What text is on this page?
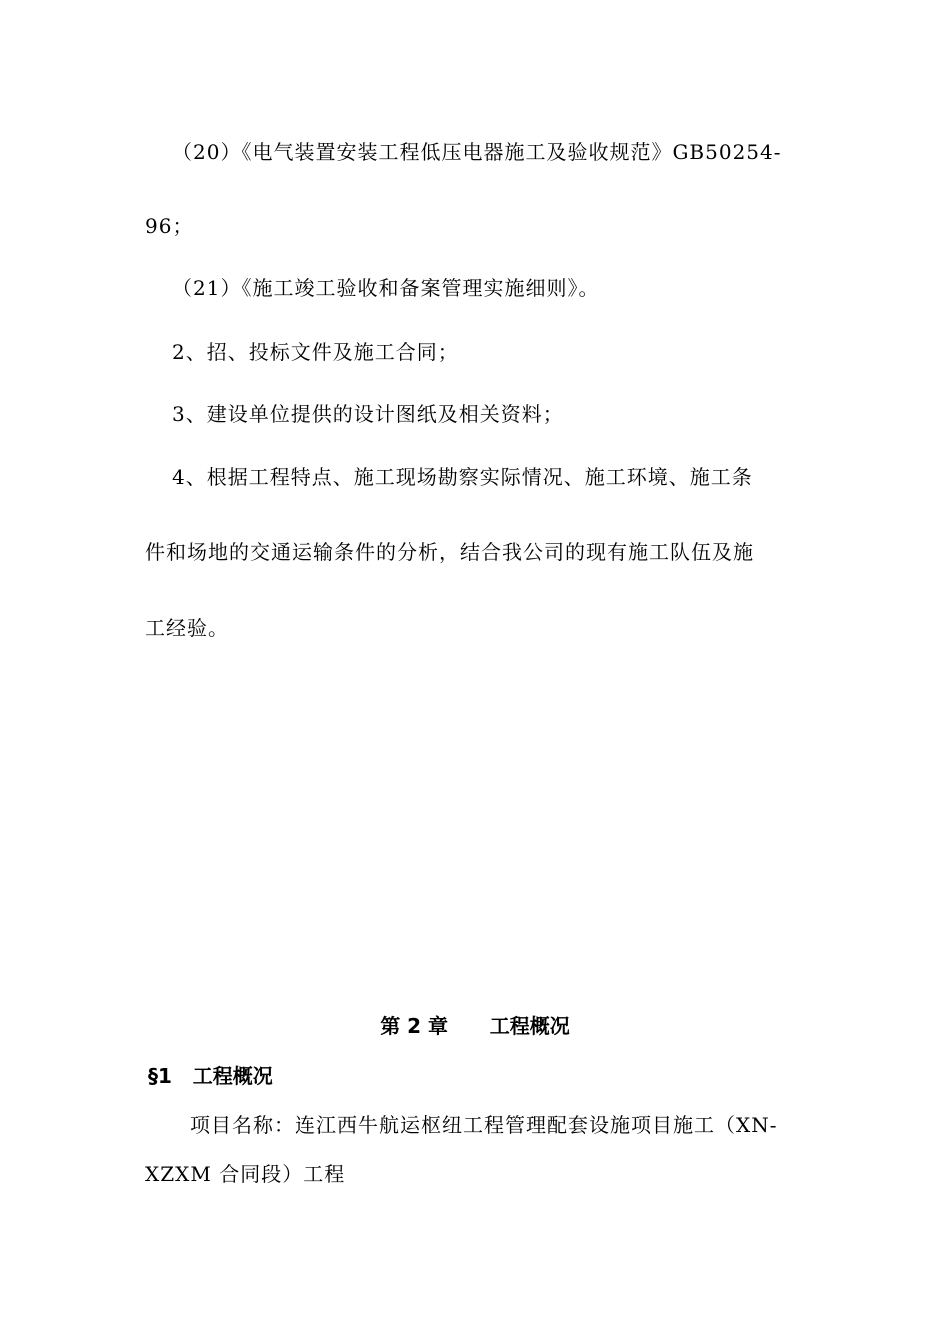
（20）《电气装置安装工程低压电器施工及验收规范》GB50254-
96；
（21）《施工竣工验收和备案管理实施细则》。
2、招、投标文件及施工合同；
3、建设单位提供的设计图纸及相关资料；
4、根据工程特点、施工现场勘察实际情况、施工环境、施工条
件和场地的交通运输条件的分析，结合我公司的现有施工队伍及施
工经验。
第 2 章      工程概况
§1   工程概况
项目名称：连江西牛航运枢纽工程管理配套设施项目施工（XN-
XZXM 合同段）工程
